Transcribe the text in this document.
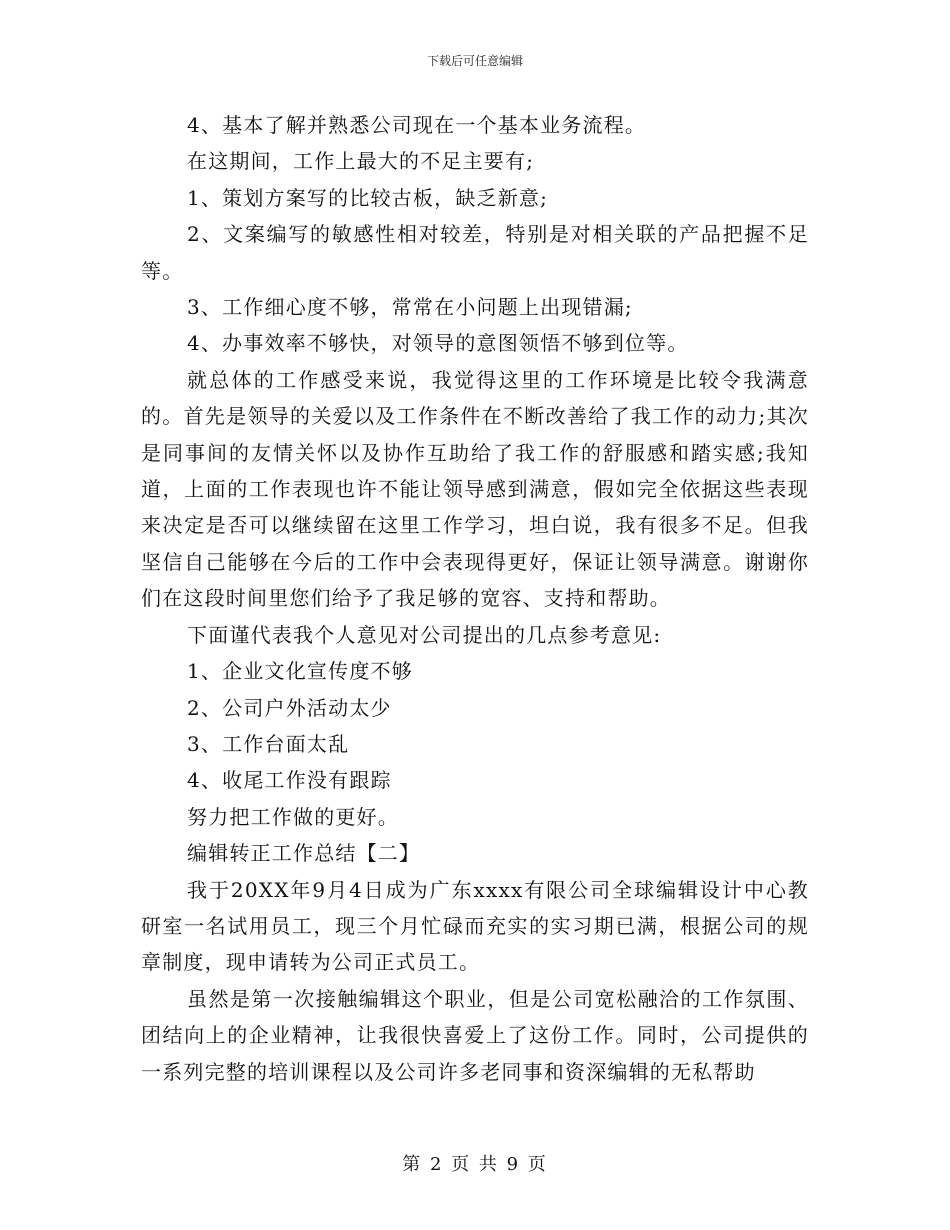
下载后可任意编辑

4、基本了解并熟悉公司现在一个基本业务流程。

在这期间，工作上最大的不足主要有;

1、策划方案写的比较古板，缺乏新意;

2、文案编写的敏感性相对较差，特别是对相关联的产品把握不足等。

3、工作细心度不够，常常在小问题上出现错漏;

4、办事效率不够快，对领导的意图领悟不够到位等。

就总体的工作感受来说，我觉得这里的工作环境是比较令我满意的。首先是领导的关爱以及工作条件在不断改善给了我工作的动力;其次是同事间的友情关怀以及协作互助给了我工作的舒服感和踏实感;我知道，上面的工作表现也许不能让领导感到满意，假如完全依据这些表现来决定是否可以继续留在这里工作学习，坦白说，我有很多不足。但我坚信自己能够在今后的工作中会表现得更好，保证让领导满意。谢谢你们在这段时间里您们给予了我足够的宽容、支持和帮助。

下面谨代表我个人意见对公司提出的几点参考意见:

1、企业文化宣传度不够

2、公司户外活动太少

3、工作台面太乱

4、收尾工作没有跟踪

努力把工作做的更好。

编辑转正工作总结【二】

我于20XX年9月4日成为广东xxxx有限公司全球编辑设计中心教研室一名试用员工，现三个月忙碌而充实的实习期已满，根据公司的规章制度，现申请转为公司正式员工。

虽然是第一次接触编辑这个职业，但是公司宽松融洽的工作氛围、团结向上的企业精神，让我很快喜爱上了这份工作。同时，公司提供的一系列完整的培训课程以及公司许多老同事和资深编辑的无私帮助

第 2 页 共 9 页
